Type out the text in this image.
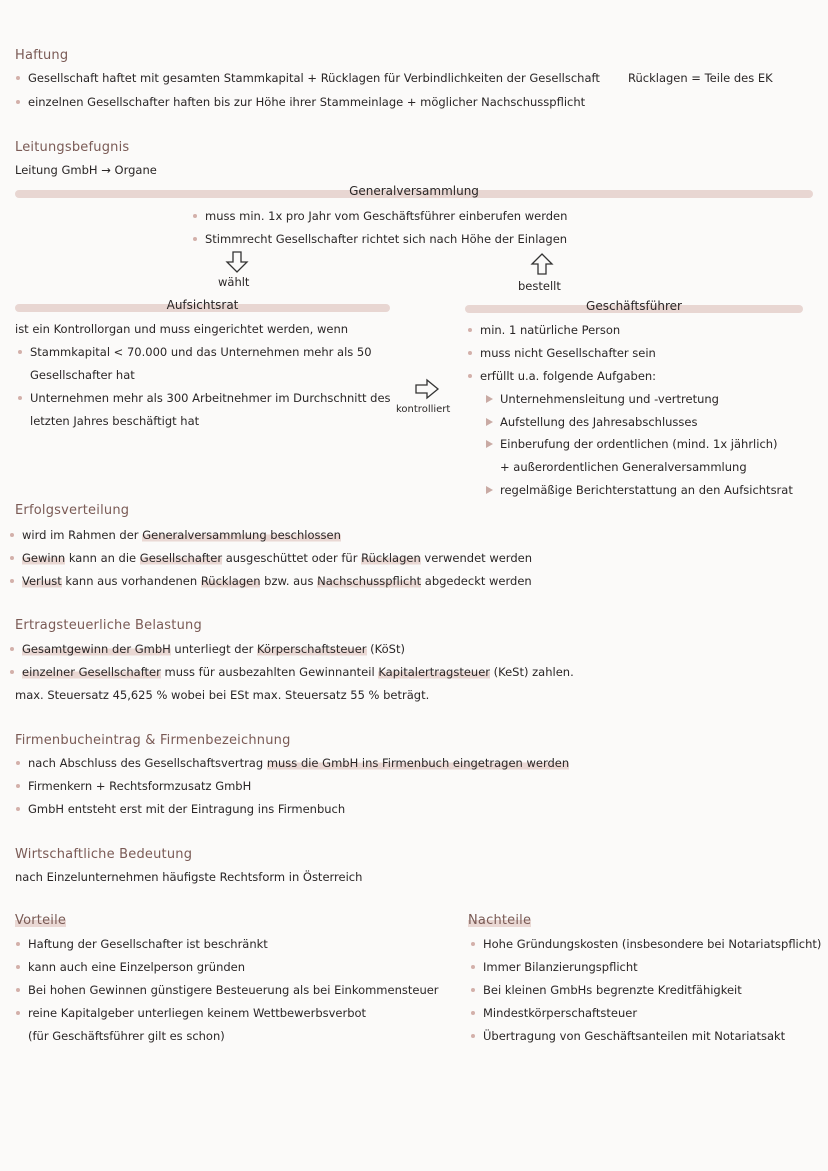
Haftung
Gesellschaft haftet mit gesamten Stammkapital + Rücklagen für Verbindlichkeiten der Gesellschaft
einzelnen Gesellschafter haften bis zur Höhe ihrer Stammeinlage + möglicher Nachschusspflicht
Rücklagen = Teile des EK
Leitungsbefugnis
Leitung GmbH → Organe
Generalversammlung
muss min. 1x pro Jahr vom Geschäftsführer einberufen werden
Stimmrecht Gesellschafter richtet sich nach Höhe der Einlagen
wählt	bestellt
Aufsichtsrat
ist ein Kontrollorgan und muss eingerichtet werden, wenn
Stammkapital < 70.000 und das Unternehmen mehr als 50
Gesellschafter hat
Unternehmen mehr als 300 Arbeitnehmer im Durchschnitt des
letzten Jahres beschäftigt hat
kontrolliert
Geschäftsführer
min. 1 natürliche Person
muss nicht Gesellschafter sein
erfüllt u.a. folgende Aufgaben:
Unternehmensleitung und -vertretung
Aufstellung des Jahresabschlusses
Einberufung der ordentlichen (mind. 1x jährlich)
+ außerordentlichen Generalversammlung
regelmäßige Berichterstattung an den Aufsichtsrat
Erfolgsverteilung
wird im Rahmen der Generalversammlung beschlossen
Gewinn kann an die Gesellschafter ausgeschüttet oder für Rücklagen verwendet werden
Verlust kann aus vorhandenen Rücklagen bzw. aus Nachschusspflicht abgedeckt werden
Ertragsteuerliche Belastung
Gesamtgewinn der GmbH unterliegt der Körperschaftsteuer (KöSt)
einzelner Gesellschafter muss für ausbezahlten Gewinnanteil Kapitalertragsteuer (KeSt) zahlen.
max. Steuersatz 45,625 % wobei bei ESt max. Steuersatz 55 % beträgt.
Firmenbucheintrag & Firmenbezeichnung
nach Abschluss des Gesellschaftsvertrag muss die GmbH ins Firmenbuch eingetragen werden
Firmenkern + Rechtsformzusatz GmbH
GmbH entsteht erst mit der Eintragung ins Firmenbuch
Wirtschaftliche Bedeutung
nach Einzelunternehmen häufigste Rechtsform in Österreich
Vorteile
Haftung der Gesellschafter ist beschränkt
kann auch eine Einzelperson gründen
Bei hohen Gewinnen günstigere Besteuerung als bei Einkommensteuer
reine Kapitalgeber unterliegen keinem Wettbewerbsverbot
(für Geschäftsführer gilt es schon)
Nachteile
Hohe Gründungskosten (insbesondere bei Notariatspflicht)
Immer Bilanzierungspflicht
Bei kleinen GmbHs begrenzte Kreditfähigkeit
Mindestkörperschaftsteuer
Übertragung von Geschäftsanteilen mit Notariatsakt
